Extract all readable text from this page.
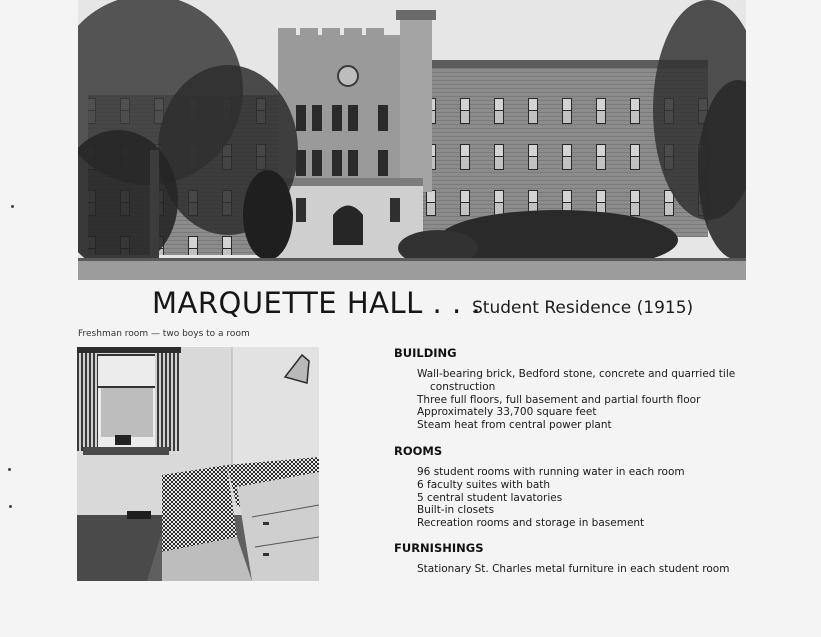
MARQUETTE HALL . . .
Student Residence (1915)
Freshman room — two boys to a room
BUILDING
Wall-bearing brick, Bedford stone, concrete and quarried tile
construction
Three full floors, full basement and partial fourth floor
Approximately 33,700 square feet
Steam heat from central power plant
ROOMS
96 student rooms with running water in each room
6 faculty suites with bath
5 central student lavatories
Built-in closets
Recreation rooms and storage in basement
FURNISHINGS
Stationary St. Charles metal furniture in each student room
